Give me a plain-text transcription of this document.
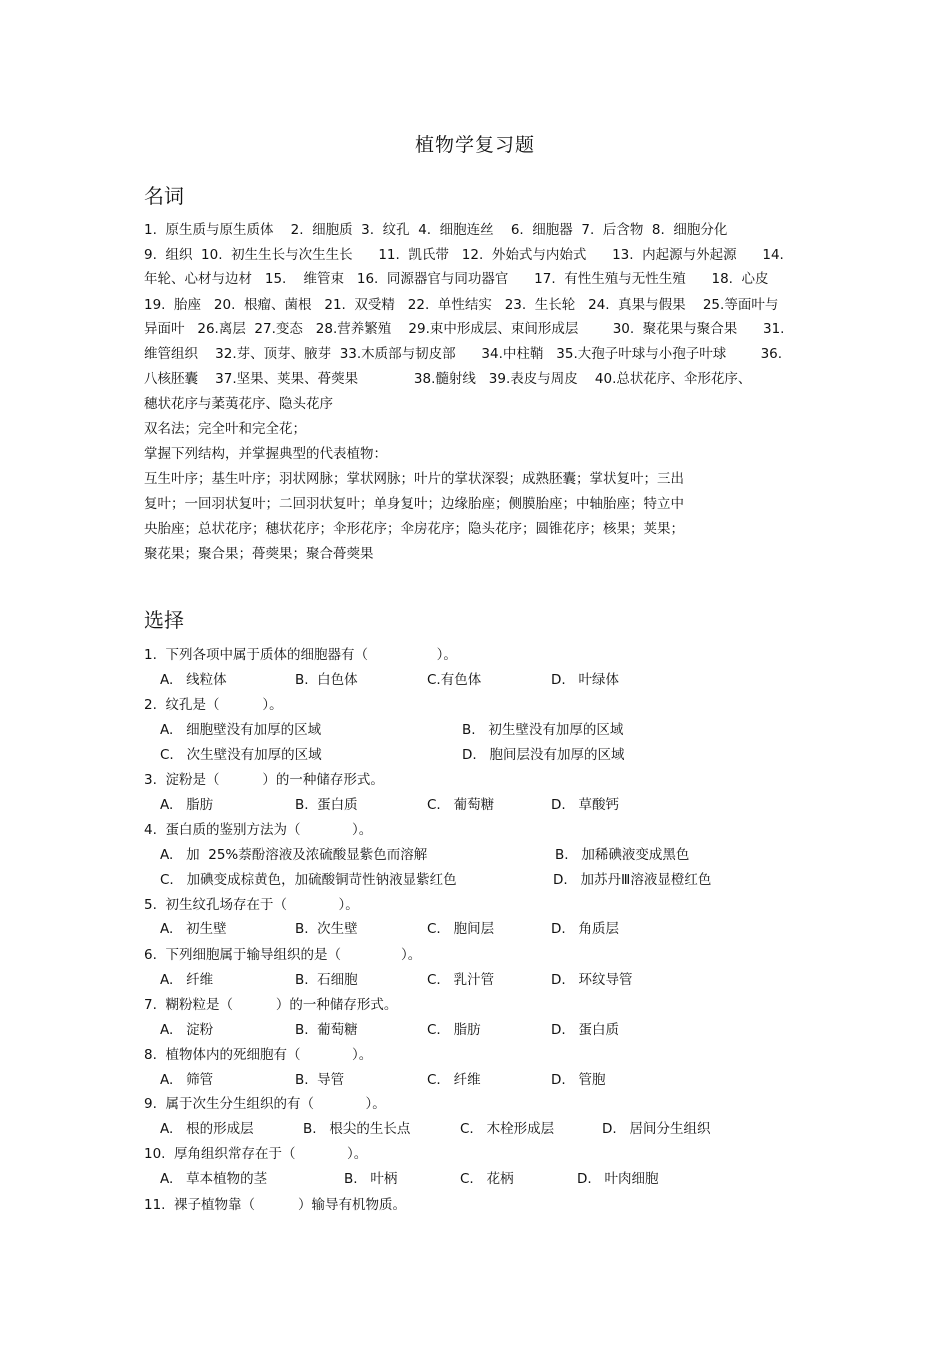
植物学复习题
名词
1.  原生质与原生质体    2.  细胞质  3.  纹孔  4.  细胞连丝    6.  细胞器  7.  后含物  8.  细胞分化
9.  组织  10.  初生生长与次生生长      11.  凯氏带   12.  外始式与内始式      13.  内起源与外起源      14.
年轮、心材与边材   15.    维管束   16.  同源器官与同功器官      17.  有性生殖与无性生殖      18.  心皮
19.  胎座   20.  根瘤、菌根   21.  双受精   22.  单性结实   23.  生长轮   24.  真果与假果    25.等面叶与
异面叶   26.离层  27.变态   28.营养繁殖    29.束中形成层、束间形成层        30.  聚花果与聚合果      31.
维管组织    32.芽、顶芽、腋芽  33.木质部与韧皮部      34.中柱鞘   35.大孢子叶球与小孢子叶球        36.
八核胚囊    37.坚果、荚果、蓇葖果             38.髓射线   39.表皮与周皮    40.总状花序、伞形花序、
穗状花序与葇荑花序、隐头花序
双名法；完全叶和完全花；
掌握下列结构，并掌握典型的代表植物：
互生叶序；基生叶序；羽状网脉；掌状网脉；叶片的掌状深裂；成熟胚囊；掌状复叶；三出
复叶；一回羽状复叶；二回羽状复叶；单身复叶；边缘胎座；侧膜胎座；中轴胎座；特立中
央胎座；总状花序；穗状花序；伞形花序；伞房花序；隐头花序；圆锥花序；核果；荚果；
聚花果；聚合果；蓇葖果；聚合蓇葖果
选择
1.  下列各项中属于质体的细胞器有（                ）。
A.   线粒体	B.  白色体	C.有色体	D.   叶绿体
2.  纹孔是（          ）。
A.   细胞壁没有加厚的区域	B.   初生壁没有加厚的区域
C.   次生壁没有加厚的区域	D.   胞间层没有加厚的区域
3.  淀粉是（          ）的一种储存形式。
A.   脂肪	B.  蛋白质	C.   葡萄糖	D.   草酸钙
4.  蛋白质的鉴别方法为（            ）。
A.   加  25%萘酚溶液及浓硫酸显紫色而溶解	B.   加稀碘液变成黑色
C.   加碘变成棕黄色，加硫酸铜苛性钠液显紫红色	D.   加苏丹Ⅲ溶液显橙红色
5.  初生纹孔场存在于（            ）。
A.   初生壁	B.  次生壁	C.   胞间层	D.   角质层
6.  下列细胞属于输导组织的是（              ）。
A.   纤维	B.  石细胞	C.   乳汁管	D.   环纹导管
7.  糊粉粒是（          ）的一种储存形式。
A.   淀粉	B.  葡萄糖	C.   脂肪	D.   蛋白质
8.  植物体内的死细胞有（            ）。
A.   筛管	B.  导管	C.   纤维	D.   管胞
9.  属于次生分生组织的有（            ）。
A.   根的形成层	B.   根尖的生长点	C.   木栓形成层	D.   居间分生组织
10.  厚角组织常存在于（            ）。
A.   草本植物的茎	B.   叶柄	C.   花柄	D.   叶肉细胞
11.  裸子植物靠（          ）输导有机物质。
